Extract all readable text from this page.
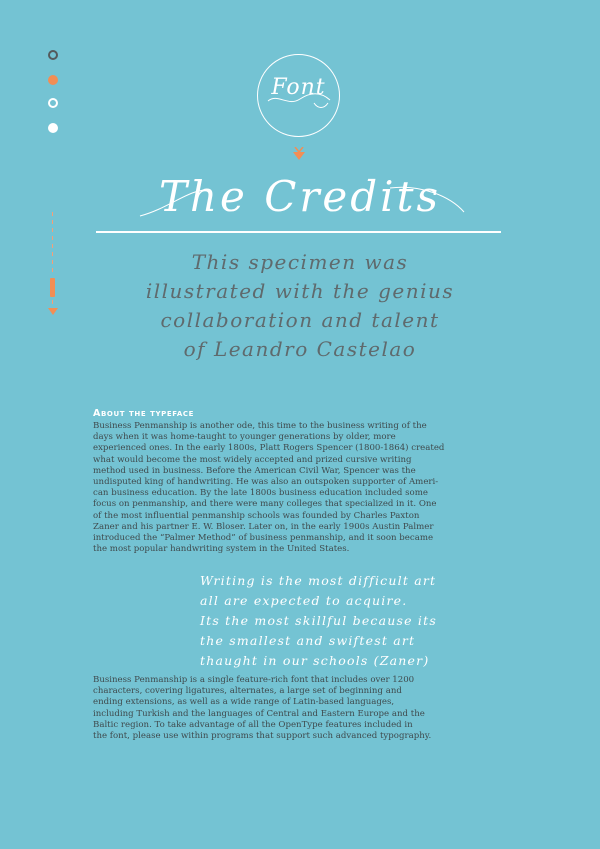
Font
The Credits
This specimen was
illustrated with the genius
collaboration and talent
of Leandro Castelao
About the typeface
Business Penmanship is another ode, this time to the business writing of the
days when it was home-taught to younger generations by older, more
experienced ones. In the early 1800s, Platt Rogers Spencer (1800-1864) created
what would become the most widely accepted and prized cursive writing
method used in business. Before the American Civil War, Spencer was the
undisputed king of handwriting. He was also an outspoken supporter of Ameri-
can business education. By the late 1800s business education included some
focus on penmanship, and there were many colleges that specialized in it. One
of the most influential penmanship schools was founded by Charles Paxton
Zaner and his partner E. W. Bloser. Later on, in the early 1900s Austin Palmer
introduced the “Palmer Method” of business penmanship, and it soon became
the most popular handwriting system in the United States.
Writing is the most difficult art
all are expected to acquire.
Its the most skillful because its
the smallest and swiftest art
thaught in our schools (Zaner)
Business Penmanship is a single feature-rich font that includes over 1200
characters, covering ligatures, alternates, a large set of beginning and
ending extensions, as well as a wide range of Latin-based languages,
including Turkish and the languages of Central and Eastern Europe and the
Baltic region. To take advantage of all the OpenType features included in
the font, please use within programs that support such advanced typography.
